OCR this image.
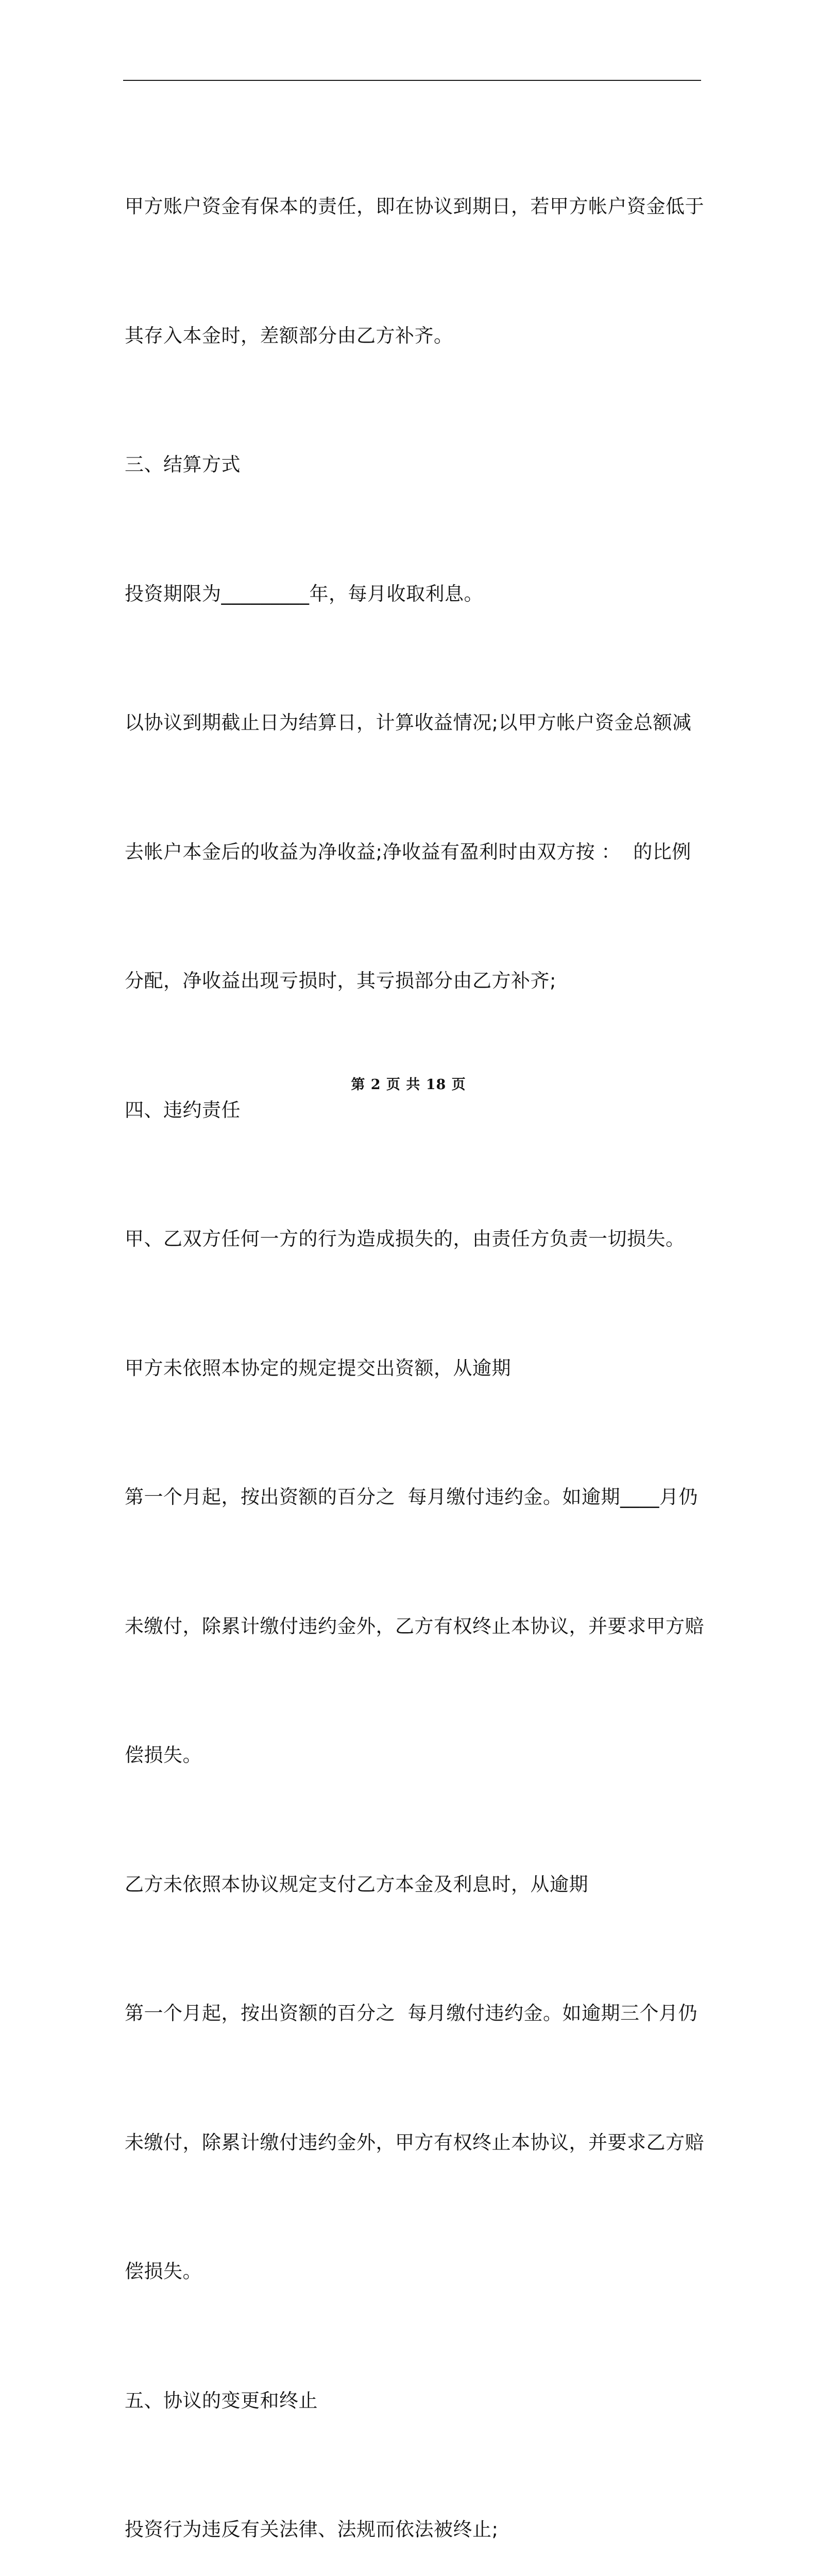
甲方账户资金有保本的责任，即在协议到期日，若甲方帐户资金低于

其存入本金时，差额部分由乙方补齐。

三、结算方式

投资期限为_________年，每月收取利息。

以协议到期截止日为结算日，计算收益情况;以甲方帐户资金总额减

去帐户本金后的收益为净收益;净收益有盈利时由双方按 ：  的比例

分配，净收益出现亏损时，其亏损部分由乙方补齐;

四、违约责任

甲、乙双方任何一方的行为造成损失的，由责任方负责一切损失。

甲方未依照本协定的规定提交出资额，从逾期

第一个月起，按出资额的百分之  每月缴付违约金。如逾期____月仍

未缴付，除累计缴付违约金外，乙方有权终止本协议，并要求甲方赔

偿损失。

乙方未依照本协议规定支付乙方本金及利息时，从逾期

第一个月起，按出资额的百分之  每月缴付违约金。如逾期三个月仍

未缴付，除累计缴付违约金外，甲方有权终止本协议，并要求乙方赔

偿损失。

五、协议的变更和终止

投资行为违反有关法律、法规而依法被终止;

第 2 页 共 18 页
